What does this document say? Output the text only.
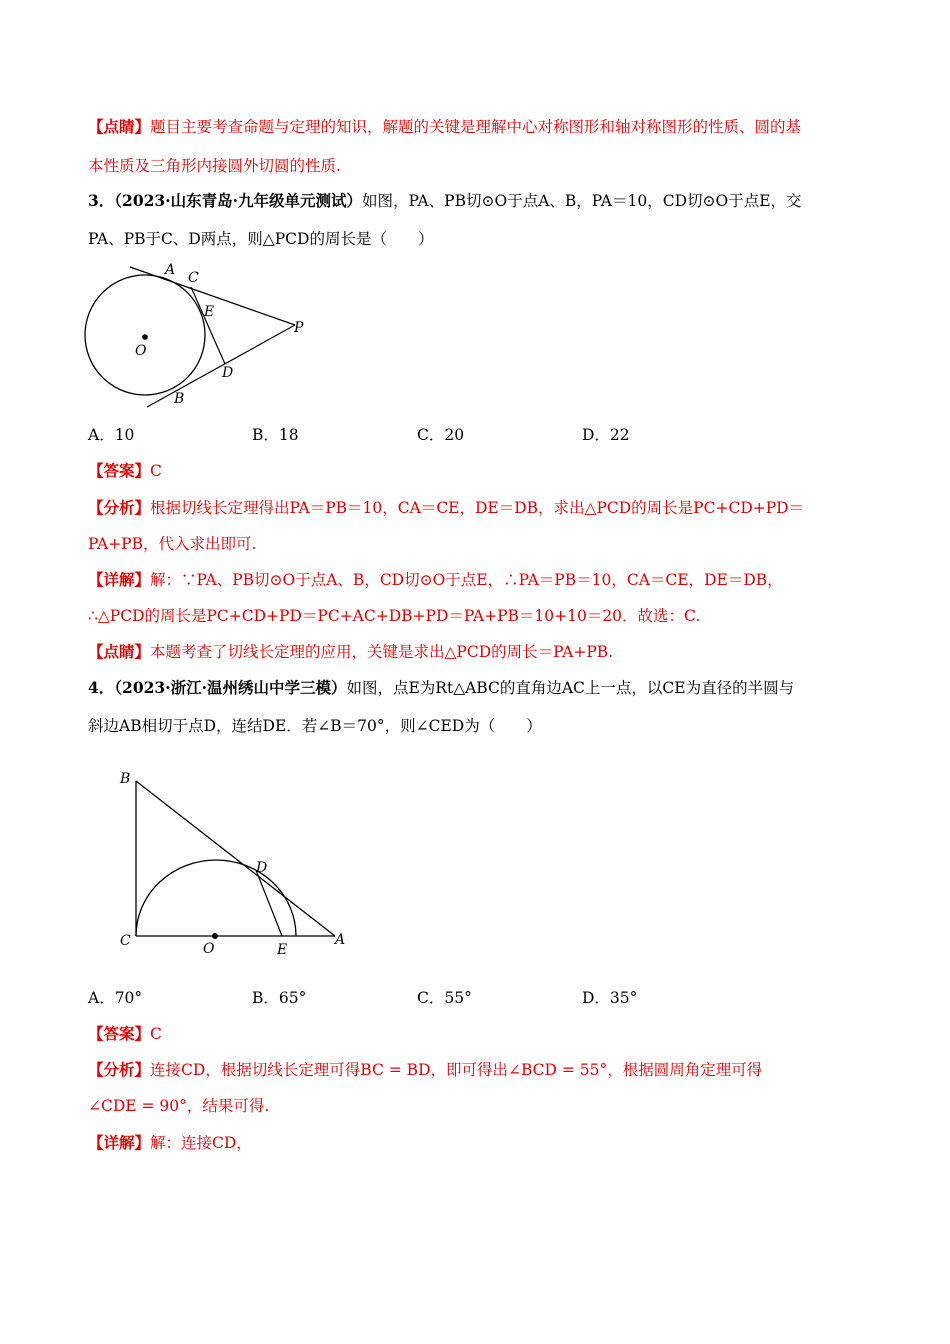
【点睛】题目主要考查命题与定理的知识，解题的关键是理解中心对称图形和轴对称图形的性质、圆的基
本性质及三角形内接圆外切圆的性质.
3．（2023·山东青岛·九年级单元测试）如图，PA、PB切⊙O于点A、B，PA＝10，CD切⊙O于点E，交
PA、PB于C、D两点，则△PCD的周长是（　　）
A C
E
P
O
D
B
A．10	B．18	C．20	D．22
【答案】C
【分析】根据切线长定理得出PA＝PB＝10，CA＝CE，DE＝DB，求出△PCD的周长是PC+CD+PD＝
PA+PB，代入求出即可.
【详解】解：∵PA、PB切⊙O于点A、B，CD切⊙O于点E，∴PA＝PB＝10，CA＝CE，DE＝DB，
∴△PCD的周长是PC+CD+PD＝PC+AC+DB+PD＝PA+PB＝10+10＝20．故选：C.
【点睛】本题考查了切线长定理的应用，关键是求出△PCD的周长＝PA+PB.
4．（2023·浙江·温州绣山中学三模）如图，点E为Rt△ABC的直角边AC上一点，以CE为直径的半圆与
斜边AB相切于点D，连结DE．若∠B＝70°，则∠CED为（　　）
B
D
C	O	E
A
A．70°	B．65°	C．55°	D．35°
【答案】C
【分析】连接CD，根据切线长定理可得BC = BD，即可得出∠BCD = 55°，根据圆周角定理可得
∠CDE = 90°，结果可得.
【详解】解：连接CD，
